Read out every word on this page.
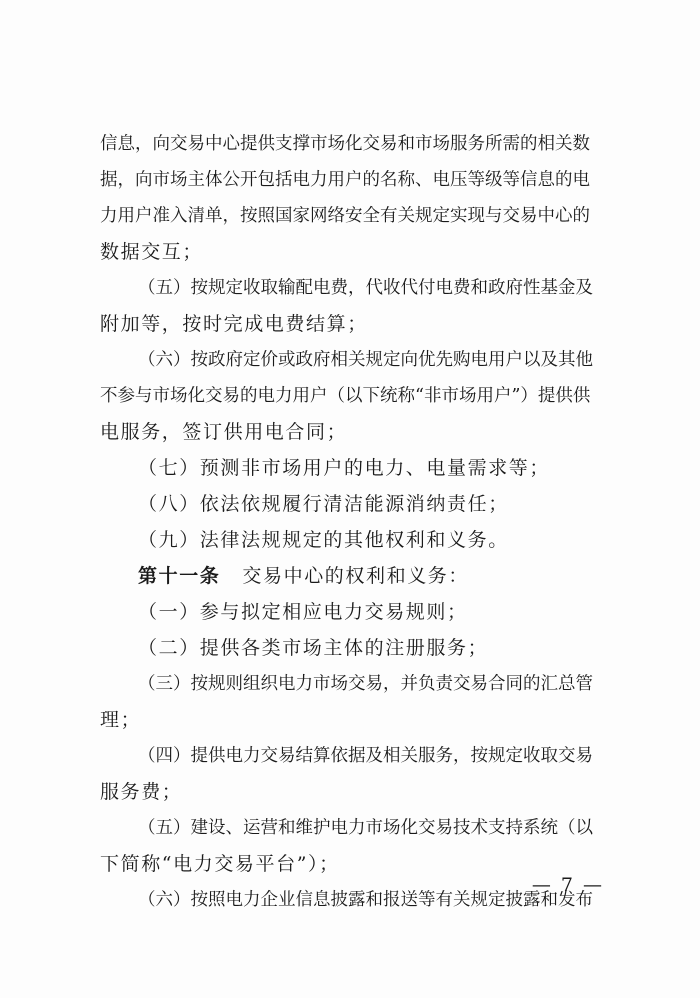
信息，向交易中心提供支撑市场化交易和市场服务所需的相关数
据，向市场主体公开包括电力用户的名称、电压等级等信息的电
力用户准入清单，按照国家网络安全有关规定实现与交易中心的
数据交互；
（五）按规定收取输配电费，代收代付电费和政府性基金及
附加等，按时完成电费结算；
（六）按政府定价或政府相关规定向优先购电用户以及其他
不参与市场化交易的电力用户（以下统称“非市场用户”）提供供
电服务，签订供用电合同；
（七）预测非市场用户的电力、电量需求等；
（八）依法依规履行清洁能源消纳责任；
（九）法律法规规定的其他权利和义务。
第十一条 交易中心的权利和义务：
（一）参与拟定相应电力交易规则；
（二）提供各类市场主体的注册服务；
（三）按规则组织电力市场交易，并负责交易合同的汇总管
理；
（四）提供电力交易结算依据及相关服务，按规定收取交易
服务费；
（五）建设、运营和维护电力市场化交易技术支持系统（以
下简称“电力交易平台”）；
（六）按照电力企业信息披露和报送等有关规定披露和发布
— 7 —
